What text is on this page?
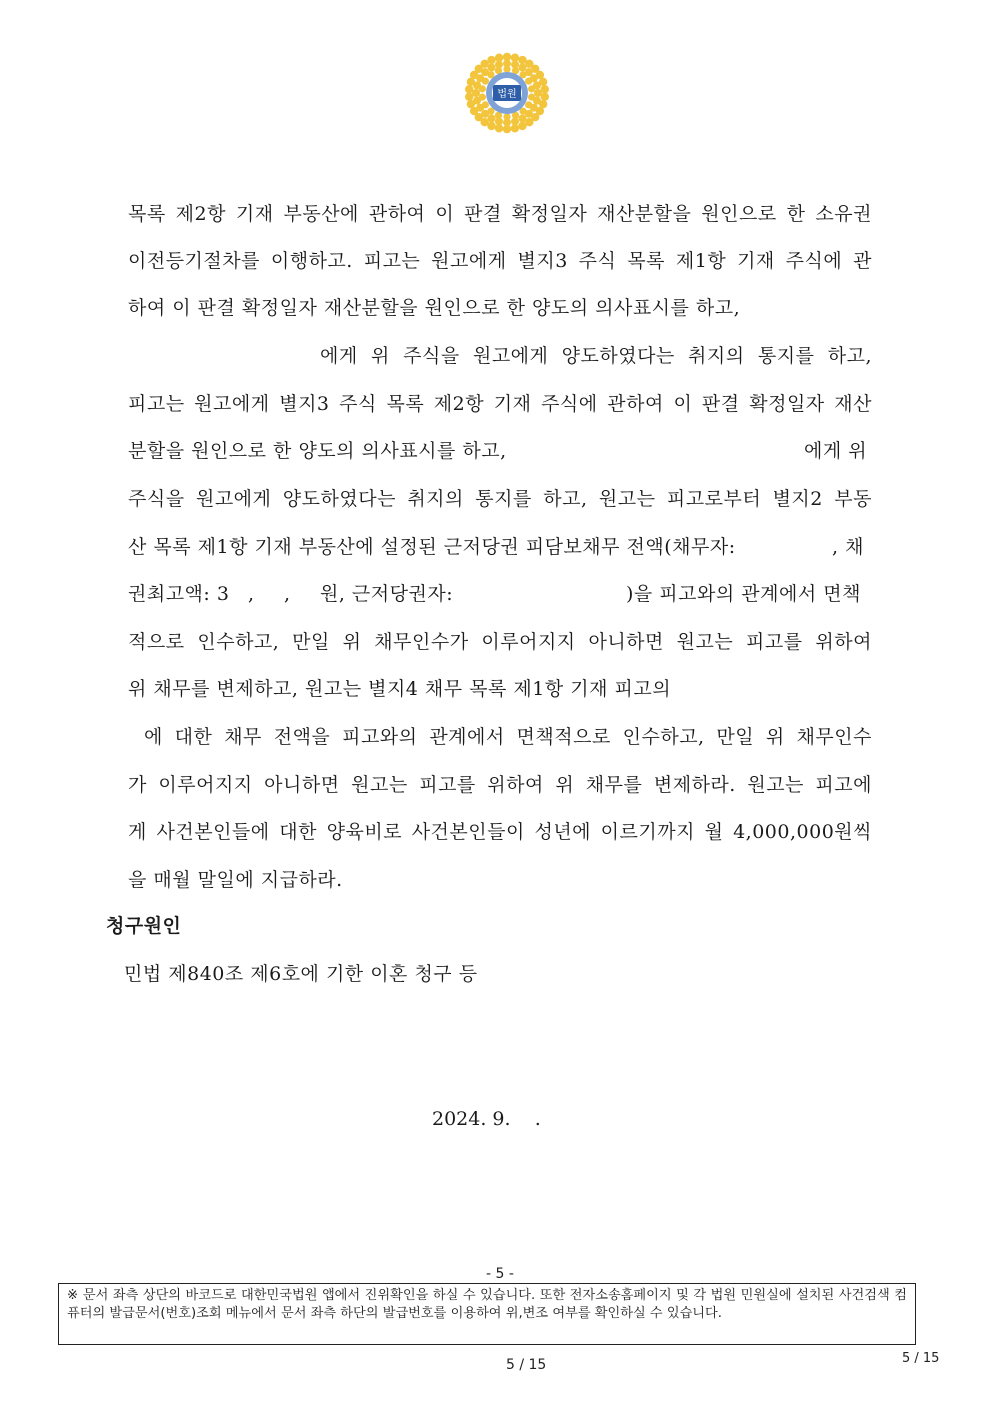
법원
목록 제2항 기재 부동산에 관하여 이 판결 확정일자 재산분할을 원인으로 한 소유권
이전등기절차를 이행하고. 피고는 원고에게 별지3 주식 목록 제1항 기재 주식에 관
하여 이 판결 확정일자 재산분할을 원인으로 한 양도의 의사표시를 하고,
에게 위 주식을 원고에게 양도하였다는 취지의 통지를 하고,
피고는 원고에게 별지3 주식 목록 제2항 기재 주식에 관하여 이 판결 확정일자 재산
분할을 원인으로 한 양도의 의사표시를 하고,	에게 위
주식을 원고에게 양도하였다는 취지의 통지를 하고, 원고는 피고로부터 별지2 부동
산 목록 제1항 기재 부동산에 설정된 근저당권 피담보채무 전액(채무자:	, 채
권최고액: 3 , , 원, 근저당권자:	)을 피고와의 관계에서 면책
적으로 인수하고, 만일 위 채무인수가 이루어지지 아니하면 원고는 피고를 위하여
위 채무를 변제하고, 원고는 별지4 채무 목록 제1항 기재 피고의
에 대한 채무 전액을 피고와의 관계에서 면책적으로 인수하고, 만일 위 채무인수
가 이루어지지 아니하면 원고는 피고를 위하여 위 채무를 변제하라. 원고는 피고에
게 사건본인들에 대한 양육비로 사건본인들이 성년에 이르기까지 월 4,000,000원씩
을 매월 말일에 지급하라.
청구원인
민법 제840조 제6호에 기한 이혼 청구 등
2024. 9.    .
- 5 -
※ 문서 좌측 상단의 바코드로 대한민국법원 앱에서 진위확인을 하실 수 있습니다. 또한 전자소송홈페이지 및 각 법원 민원실에 설치된 사건검색 컴퓨터의 발급문서(번호)조회 메뉴에서 문서 좌측 하단의 발급번호를 이용하여 위,변조 여부를 확인하실 수 있습니다.
5 / 15	5 / 15
